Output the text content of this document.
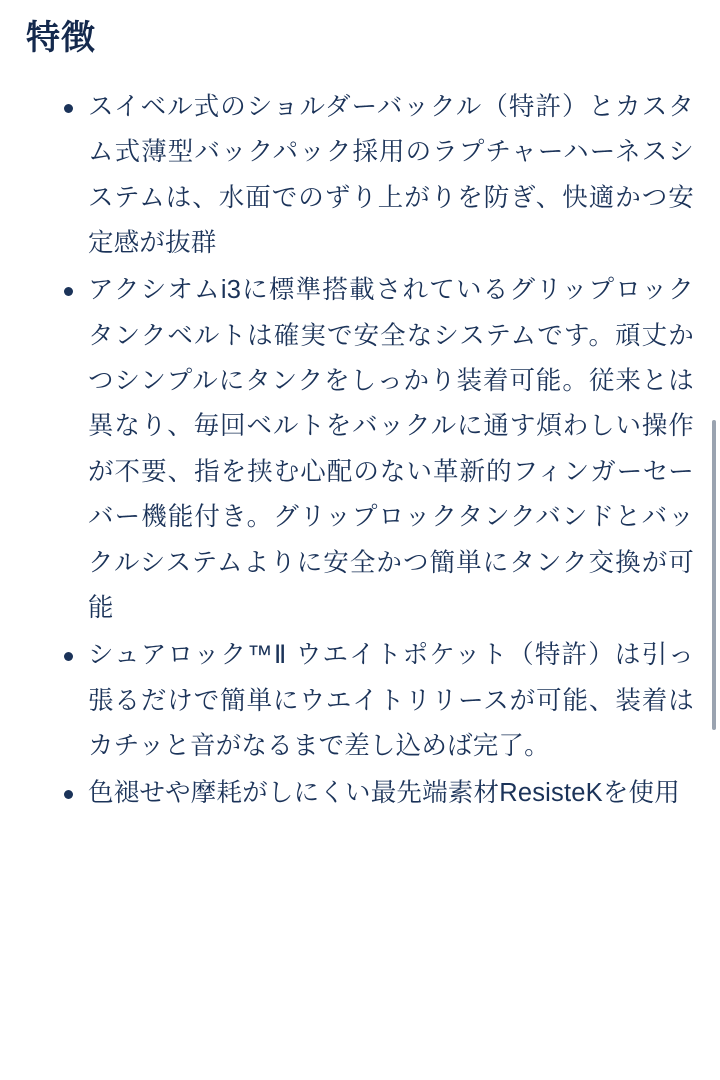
特徴
スイベル式のショルダーバックル（特許）とカスタム式薄型バックパック採用のラプチャーハーネスシステムは、水面でのずり上がりを防ぎ、快適かつ安定感が抜群
アクシオムi3に標準搭載されているグリップロックタンクベルトは確実で安全なシステムです。頑丈かつシンプルにタンクをしっかり装着可能。従来とは異なり、毎回ベルトをバックルに通す煩わしい操作が不要、指を挟む心配のない革新的フィンガーセーバー機能付き。グリップロックタンクバンドとバックルシステムよりに安全かつ簡単にタンク交換が可能
シュアロック™Ⅱ ウエイトポケット（特許）は引っ張るだけで簡単にウエイトリリースが可能、装着はカチッと音がなるまで差し込めば完了。
色褪せや摩耗がしにくい最先端素材ResisteKを使用
